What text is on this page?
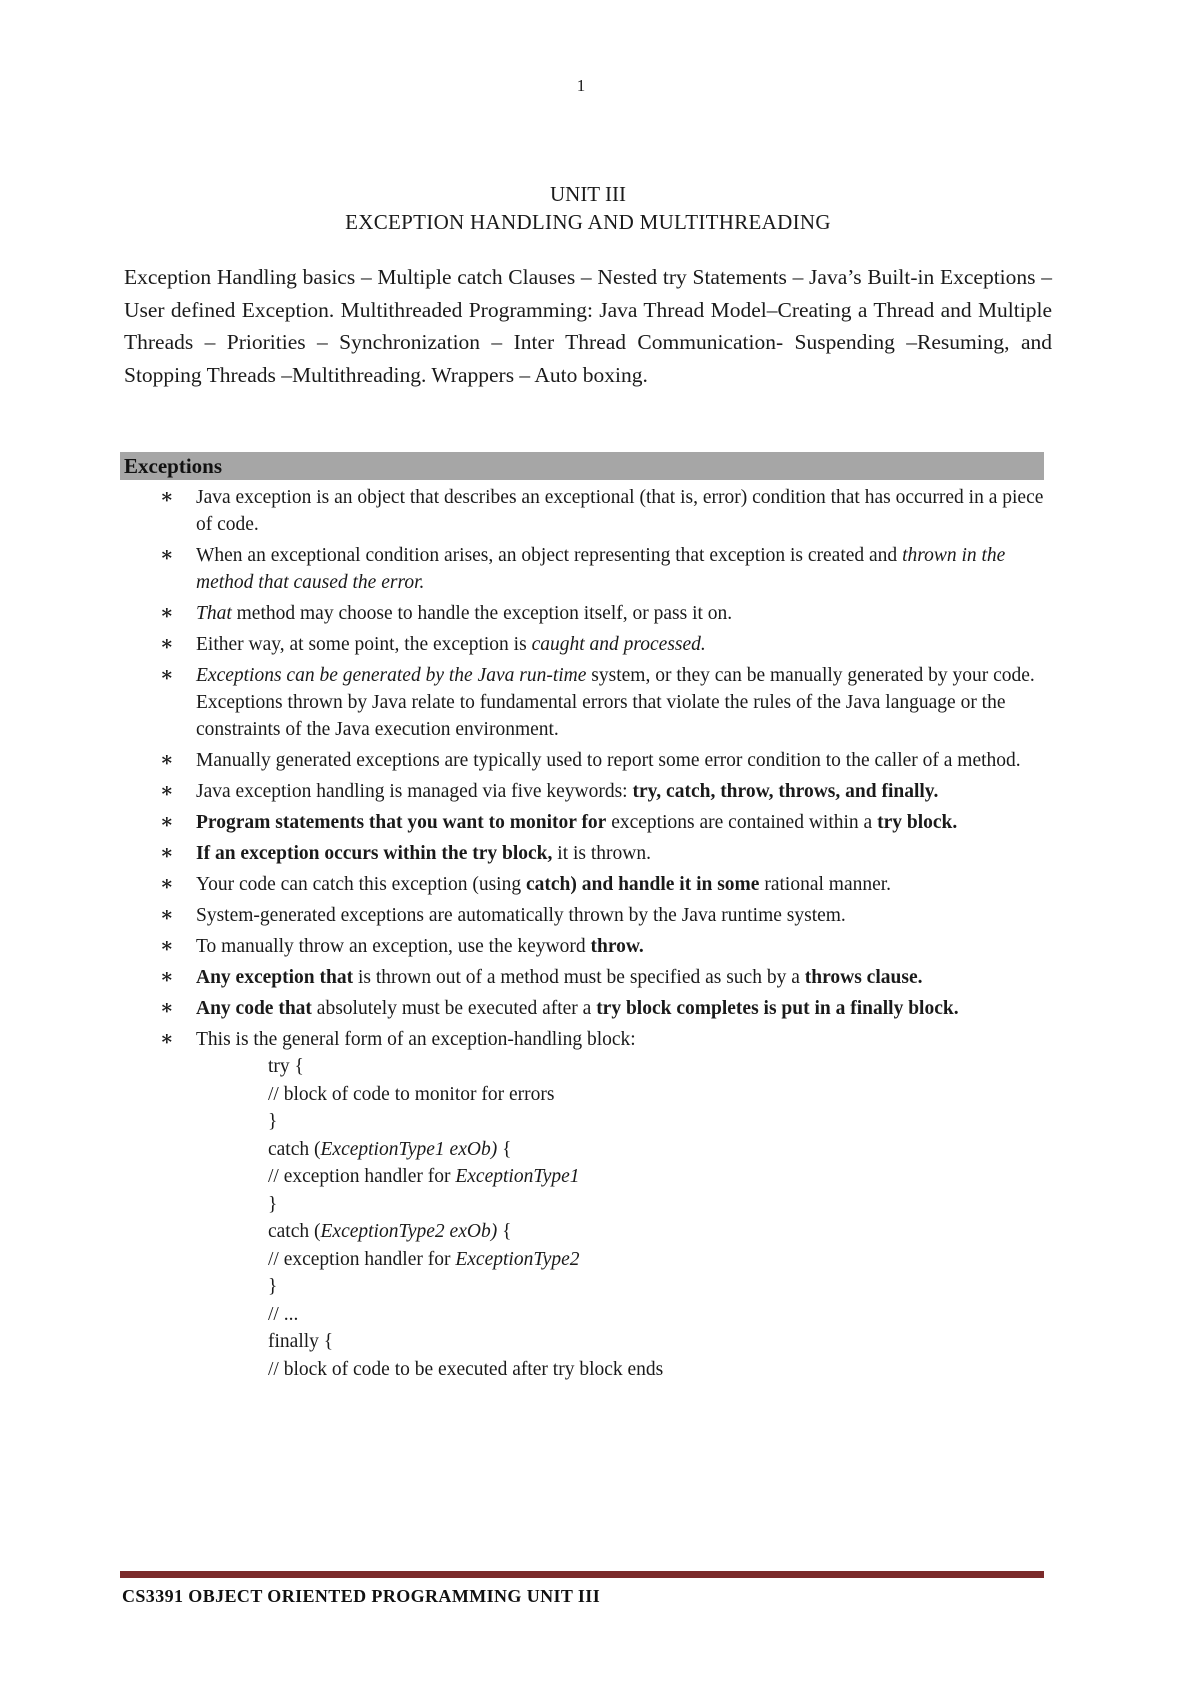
1
UNIT III
EXCEPTION HANDLING AND MULTITHREADING
Exception Handling basics – Multiple catch Clauses – Nested try Statements – Java’s Built-in Exceptions – User defined Exception. Multithreaded Programming: Java Thread Model–Creating a Thread and Multiple Threads – Priorities – Synchronization – Inter Thread Communication- Suspending –Resuming, and Stopping Threads –Multithreading. Wrappers – Auto boxing.
Exceptions
∗ Java exception is an object that describes an exceptional (that is, error) condition that has occurred in a piece of code.
∗ When an exceptional condition arises, an object representing that exception is created and thrown in the method that caused the error.
∗ That method may choose to handle the exception itself, or pass it on.
∗ Either way, at some point, the exception is caught and processed.
∗ Exceptions can be generated by the Java run-time system, or they can be manually generated by your code. Exceptions thrown by Java relate to fundamental errors that violate the rules of the Java language or the constraints of the Java execution environment.
∗ Manually generated exceptions are typically used to report some error condition to the caller of a method.
∗ Java exception handling is managed via five keywords: try, catch, throw, throws, and finally.
∗ Program statements that you want to monitor for exceptions are contained within a try block.
∗ If an exception occurs within the try block, it is thrown.
∗ Your code can catch this exception (using catch) and handle it in some rational manner.
∗ System-generated exceptions are automatically thrown by the Java runtime system.
∗ To manually throw an exception, use the keyword throw.
∗ Any exception that is thrown out of a method must be specified as such by a throws clause.
∗ Any code that absolutely must be executed after a try block completes is put in a finally block.
∗ This is the general form of an exception-handling block:
try {
// block of code to monitor for errors
}
catch (ExceptionType1 exOb) {
// exception handler for ExceptionType1
}
catch (ExceptionType2 exOb) {
// exception handler for ExceptionType2
}
// ...
finally {
// block of code to be executed after try block ends
CS3391 OBJECT ORIENTED PROGRAMMING UNIT III
